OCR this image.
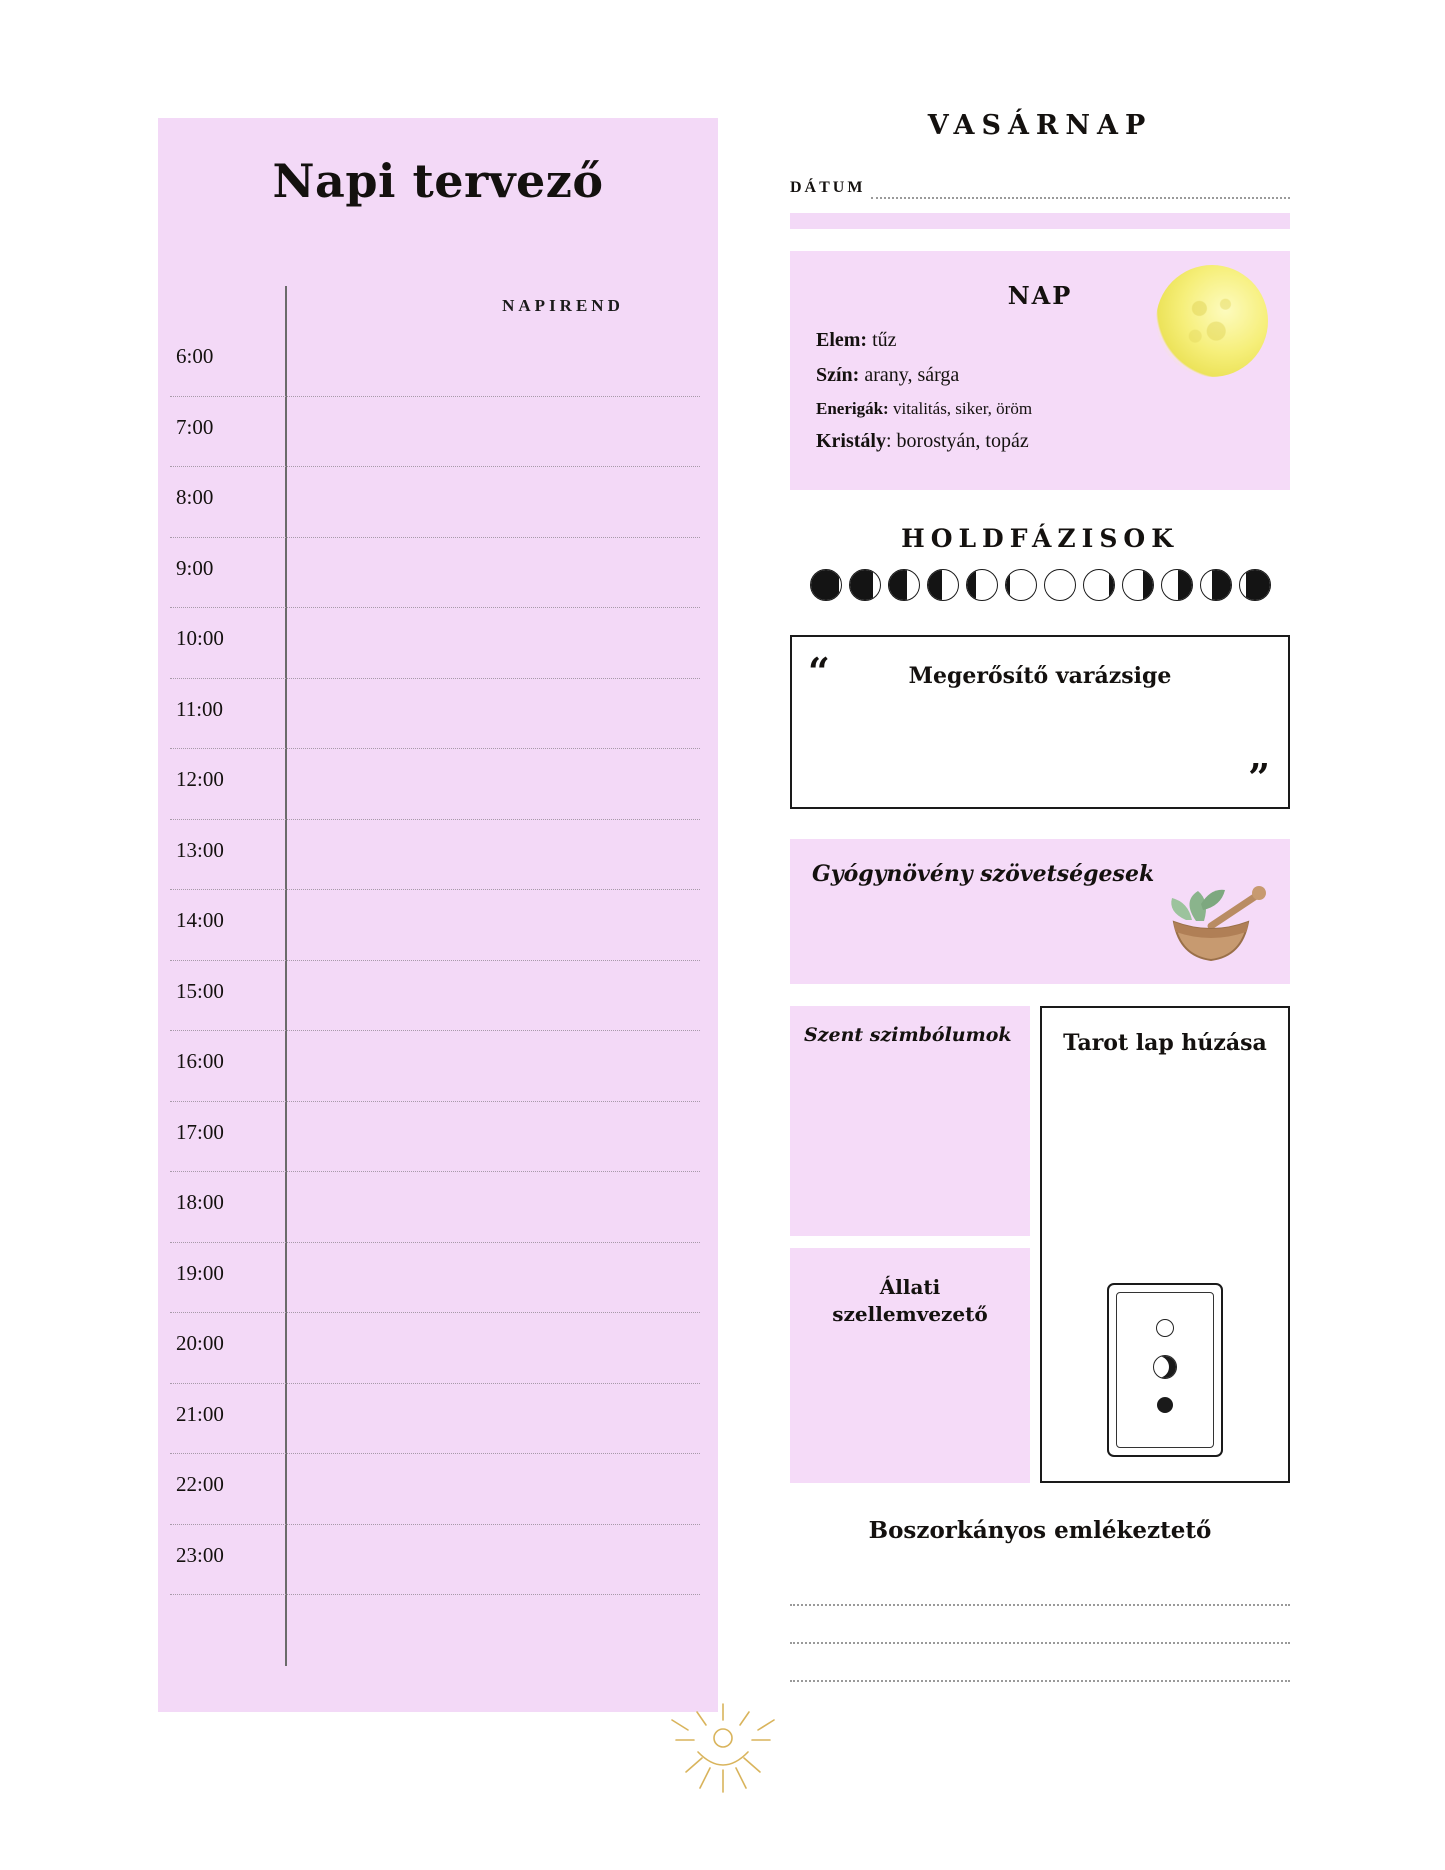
Napi tervező
NAPIREND
6:00
7:00
8:00
9:00
10:00
11:00
12:00
13:00
14:00
15:00
16:00
17:00
18:00
19:00
20:00
21:00
22:00
23:00
VASÁRNAP
DÁTUM
NAP

Elem: tűz

Szín: arany, sárga

Enerigák: vitalitás, siker, öröm

Kristály: borostyán, topáz

HOLDFÁZISOK
“	Megerősítő varázsige
”
Gyógynövény szövetségesek
Szent szimbólumok
Állati
szellemvezető
Tarot lap húzása
Boszorkányos emlékeztető
